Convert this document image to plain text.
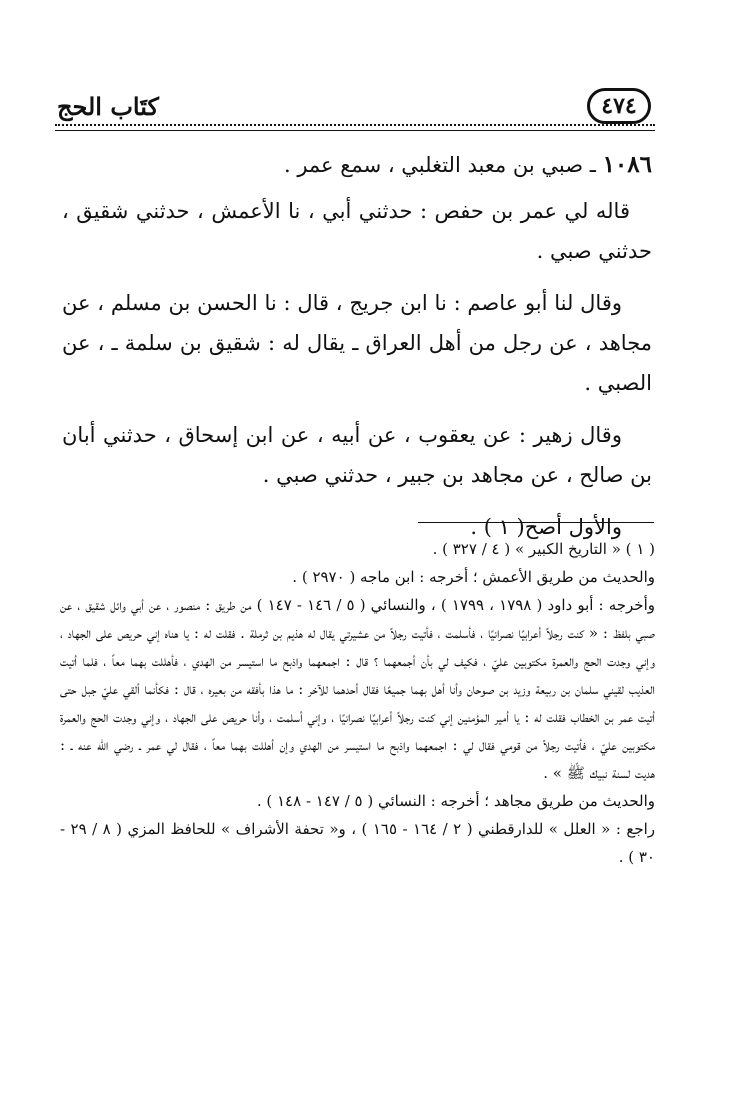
كتَاب الحج	٤٧٤

١٠٨٦ ـ صبي بن معبد التغلبي ، سمع عمر .

قاله لي عمر بن حفص : حدثني أبي ، نا الأعمش ، حدثني شقيق ، حدثني صبي .

وقال لنا أبو عاصم : نا ابن جريج ، قال : نا الحسن بن مسلم ، عن مجاهد ، عن رجل من أهل العراق ـ يقال له : شقيق بن سلمة ـ ، عن الصبي .

وقال زهير : عن يعقوب ، عن أبيه ، عن ابن إسحاق ، حدثني أبان بن صالح ، عن مجاهد بن جبير ، حدثني صبي .

والأول أصح( ١ ) .

( ١ ) « التاريخ الكبير » ( ٤ / ٣٢٧ ) .

والحديث من طريق الأعمش ؛ أخرجه : ابن ماجه ( ٢٩٧٠ ) .

وأخرجه : أبو داود ( ١٧٩٨ ، ١٧٩٩ ) ، والنسائي ( ٥ / ١٤٦ - ١٤٧ ) من طريق : منصور ، عن أبي وائل شقيق ، عن صبي بلفظ : « كنت رجلاً أعرابيًا نصرانيًا ، فأسلمت ، فأتيت رجلاً من عشيرتي يقال له هذيم بن ثرملة . فقلت له : يا هناه إني حريص على الجهاد ، وإني وجدت الحج والعمرة مكتوبين عليّ ، فكيف لي بأن أجمعهما ؟ قال : اجمعهما واذبح ما استيسر من الهدي ، فأهللت بهما معاً ، فلما أتيت العذيب لقيني سلمان بن ربيعة وزيد بن صوحان وأنا أهل بهما جميعًا فقال أحدهما للآخر : ما هذا بأفقه من بعيره ، قال : فكأنما ألقي عليّ جبل حتى أتيت عمر بن الخطاب فقلت له : يا أمير المؤمنين إني كنت رجلاً أعرابيًا نصرانيًا ، وإني أسلمت ، وأنا حريص على الجهاد ، وإني وجدت الحج والعمرة مكتوبين عليّ ، فأتيت رجلاً من قومي فقال لي : اجمعهما واذبح ما استيسر من الهدي وإن أهللت بهما معاً ، فقال لي عمر ـ رضي الله عنه ـ : هديت لسنة نبيك ﷺ » .

والحديث من طريق مجاهد ؛ أخرجه : النسائي ( ٥ / ١٤٧ - ١٤٨ ) .

راجع : « العلل » للدارقطني ( ٢ / ١٦٤ - ١٦٥ ) ، و« تحفة الأشراف » للحافظ المزي ( ٨ / ٢٩ - ٣٠ ) .
